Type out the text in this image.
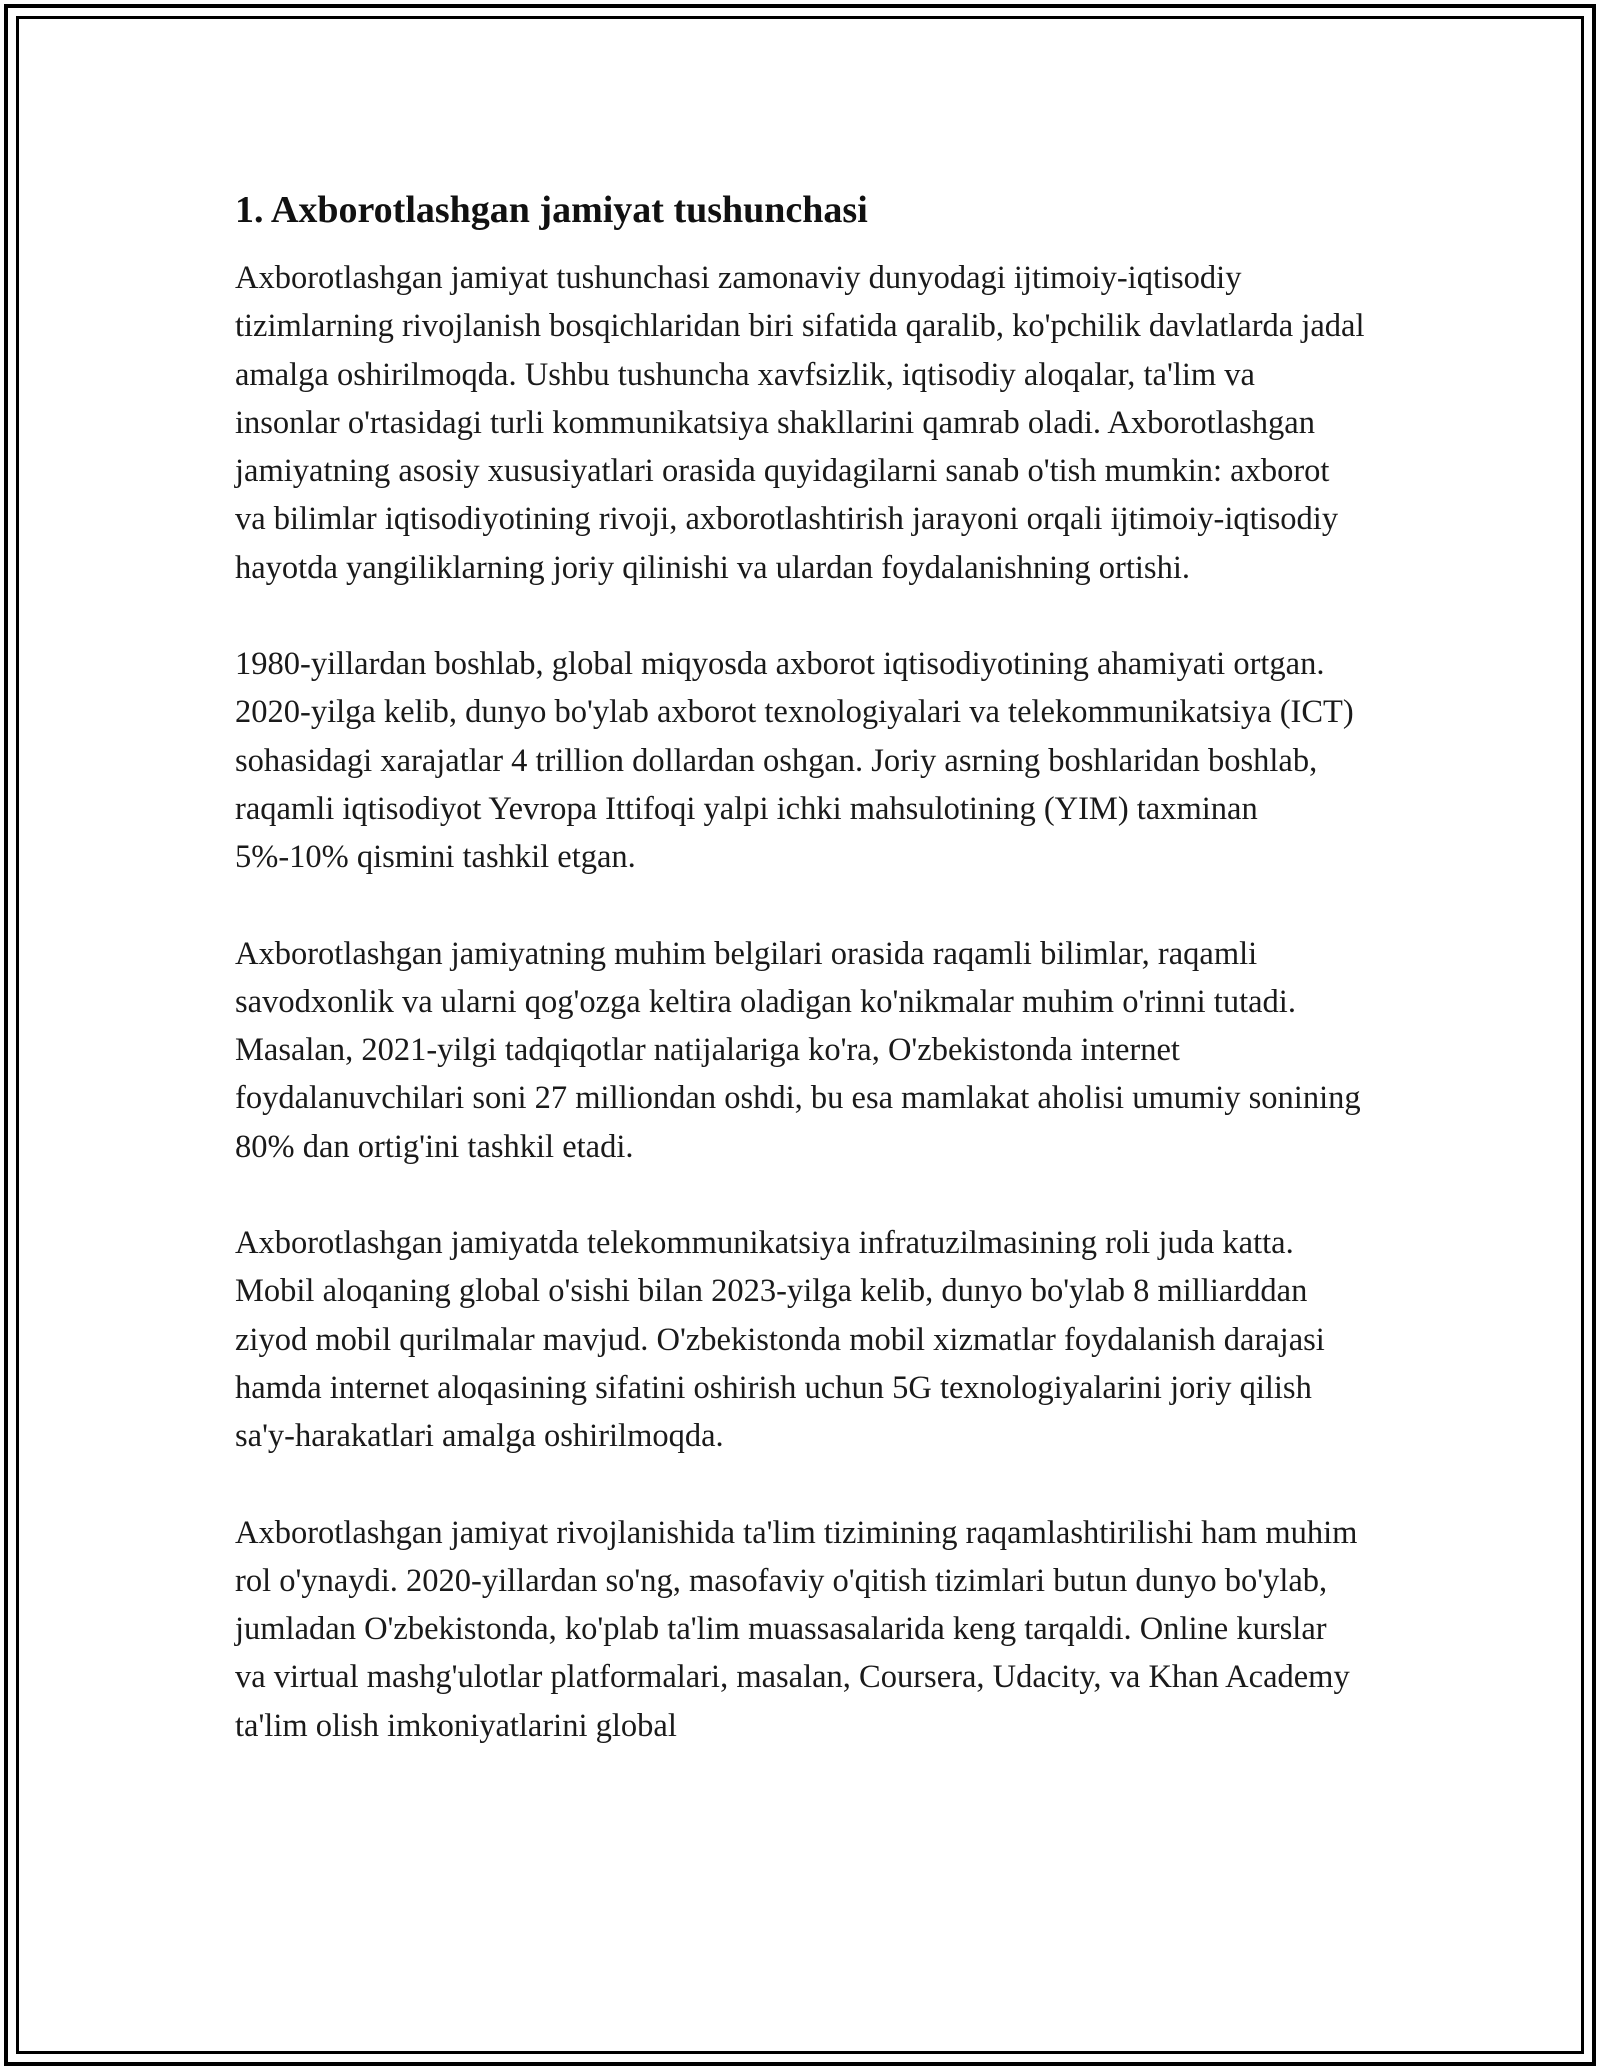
1. Axborotlashgan jamiyat tushunchasi

Axborotlashgan jamiyat tushunchasi zamonaviy dunyodagi ijtimoiy-iqtisodiy tizimlarning rivojlanish bosqichlaridan biri sifatida qaralib, ko'pchilik davlatlarda jadal amalga oshirilmoqda. Ushbu tushuncha xavfsizlik, iqtisodiy aloqalar, ta'lim va insonlar o'rtasidagi turli kommunikatsiya shakllarini qamrab oladi. Axborotlashgan jamiyatning asosiy xususiyatlari orasida quyidagilarni sanab o'tish mumkin: axborot va bilimlar iqtisodiyotining rivoji, axborotlashtirish jarayoni orqali ijtimoiy-iqtisodiy hayotda yangiliklarning joriy qilinishi va ulardan foydalanishning ortishi.

1980-yillardan boshlab, global miqyosda axborot iqtisodiyotining ahamiyati ortgan. 2020-yilga kelib, dunyo bo'ylab axborot texnologiyalari va telekommunikatsiya (ICT) sohasidagi xarajatlar 4 trillion dollardan oshgan. Joriy asrning boshlaridan boshlab, raqamli iqtisodiyot Yevropa Ittifoqi yalpi ichki mahsulotining (YIM) taxminan 5%-10% qismini tashkil etgan.

Axborotlashgan jamiyatning muhim belgilari orasida raqamli bilimlar, raqamli savodxonlik va ularni qog'ozga keltira oladigan ko'nikmalar muhim o'rinni tutadi. Masalan, 2021-yilgi tadqiqotlar natijalariga ko'ra, O'zbekistonda internet foydalanuvchilari soni 27 milliondan oshdi, bu esa mamlakat aholisi umumiy sonining 80% dan ortig'ini tashkil etadi.

Axborotlashgan jamiyatda telekommunikatsiya infratuzilmasining roli juda katta. Mobil aloqaning global o'sishi bilan 2023-yilga kelib, dunyo bo'ylab 8 milliarddan ziyod mobil qurilmalar mavjud. O'zbekistonda mobil xizmatlar foydalanish darajasi hamda internet aloqasining sifatini oshirish uchun 5G texnologiyalarini joriy qilish sa'y-harakatlari amalga oshirilmoqda.

Axborotlashgan jamiyat rivojlanishida ta'lim tizimining raqamlashtirilishi ham muhim rol o'ynaydi. 2020-yillardan so'ng, masofaviy o'qitish tizimlari butun dunyo bo'ylab, jumladan O'zbekistonda, ko'plab ta'lim muassasalarida keng tarqaldi. Online kurslar va virtual mashg'ulotlar platformalari, masalan, Coursera, Udacity, va Khan Academy ta'lim olish imkoniyatlarini global
